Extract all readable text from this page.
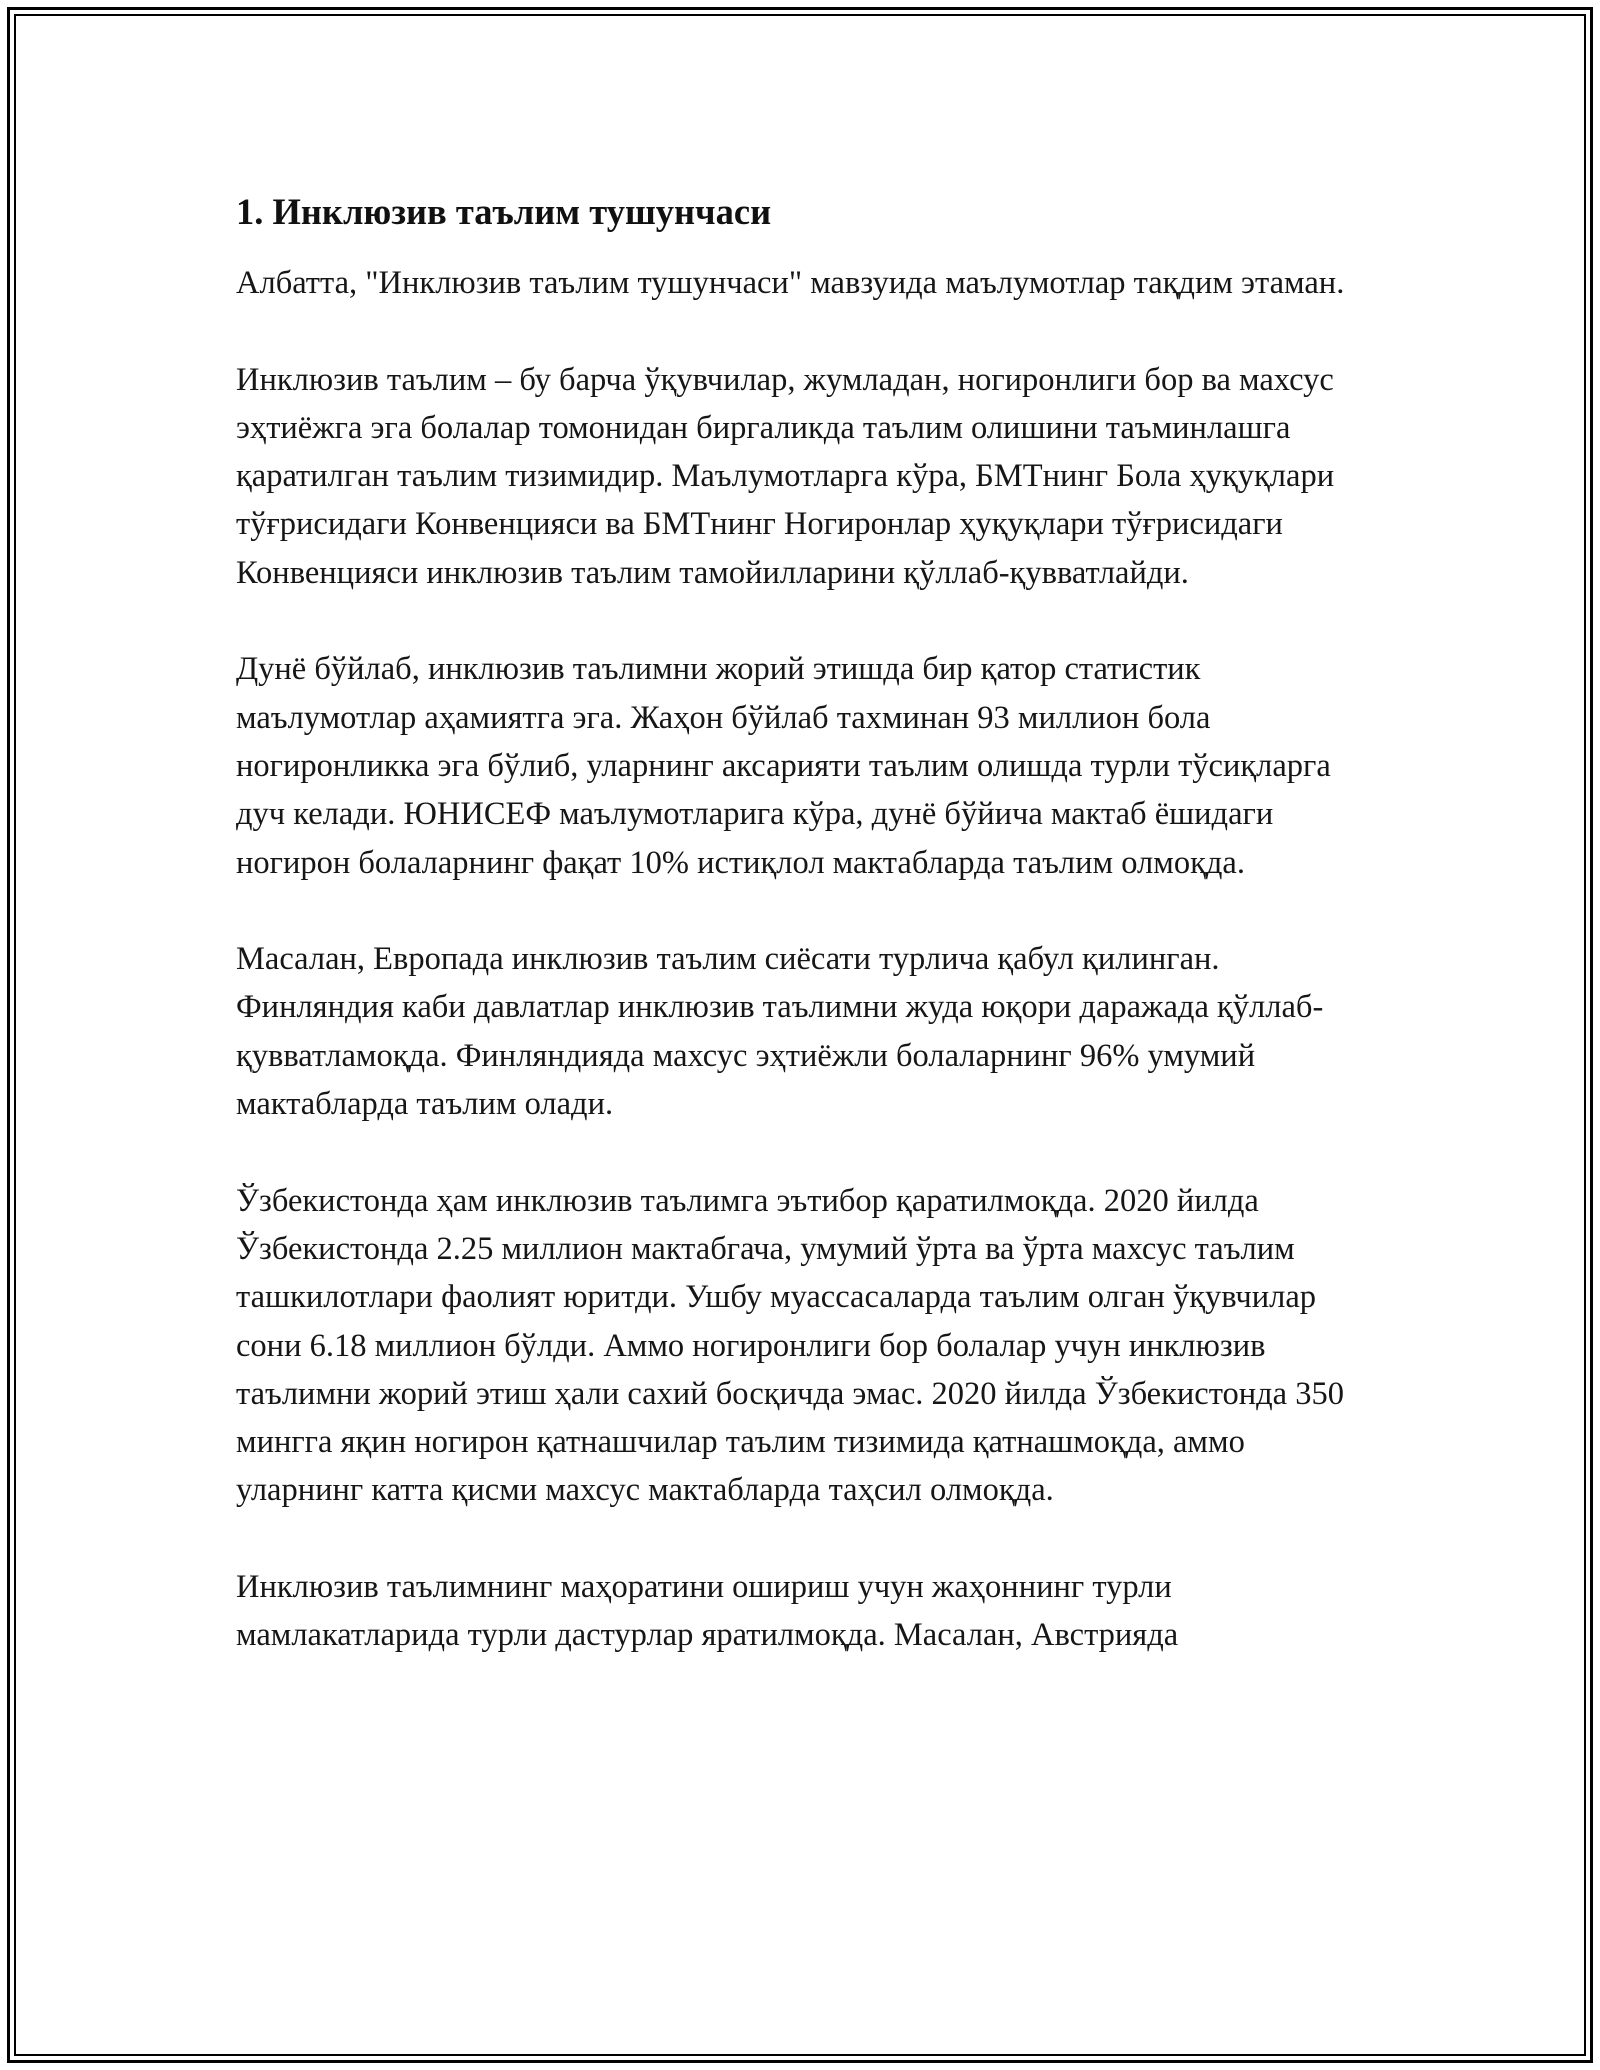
1. Инклюзив таълим тушунчаси

Албатта, "Инклюзив таълим тушунчаси" мавзуида маълумотлар тақдим этаман.

Инклюзив таълим – бу барча ўқувчилар, жумладан, ногиронлиги бор ва махсус эҳтиёжга эга болалар томонидан биргаликда таълим олишини таъминлашга қаратилган таълим тизимидир. Маълумотларга кўра, БМТнинг Бола ҳуқуқлари тўғрисидаги Конвенцияси ва БМТнинг Ногиронлар ҳуқуқлари тўғрисидаги Конвенцияси инклюзив таълим тамойилларини қўллаб-қувватлайди.

Дунё бўйлаб, инклюзив таълимни жорий этишда бир қатор статистик маълумотлар аҳамиятга эга. Жаҳон бўйлаб тахминан 93 миллион бола ногиронликка эга бўлиб, уларнинг аксарияти таълим олишда турли тўсиқларга дуч келади. ЮНИСЕФ маълумотларига кўра, дунё бўйича мактаб ёшидаги ногирон болаларнинг фақат 10% истиқлол мактабларда таълим олмоқда.

Масалан, Европада инклюзив таълим сиёсати турлича қабул қилинган. Финляндия каби давлатлар инклюзив таълимни жуда юқори даражада қўллаб-қувватламоқда. Финляндияда махсус эҳтиёжли болаларнинг 96% умумий мактабларда таълим олади.

Ўзбекистонда ҳам инклюзив таълимга эътибор қаратилмоқда. 2020 йилда Ўзбекистонда 2.25 миллион мактабгача, умумий ўрта ва ўрта махсус таълим ташкилотлари фаолият юритди. Ушбу муассасаларда таълим олган ўқувчилар сони 6.18 миллион бўлди. Аммо ногиронлиги бор болалар учун инклюзив таълимни жорий этиш ҳали сахий босқичда эмас. 2020 йилда Ўзбекистонда 350 мингга яқин ногирон қатнашчилар таълим тизимида қатнашмоқда, аммо уларнинг катта қисми махсус мактабларда таҳсил олмоқда.

Инклюзив таълимнинг маҳоратини ошириш учун жаҳоннинг турли мамлакатларида турли дастурлар яратилмоқда. Масалан, Австрияда
